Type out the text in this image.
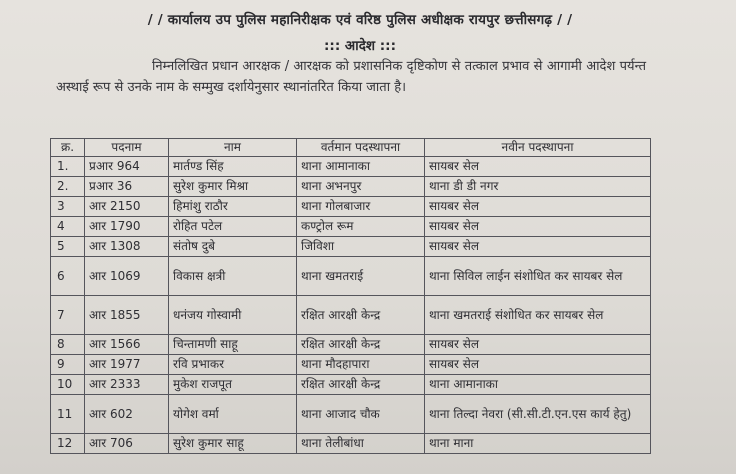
/ / कार्यालय उप पुलिस महानिरीक्षक एवं वरिष्ठ पुलिस अधीक्षक रायपुर छत्तीसगढ़ / /
::: आदेश :::
निम्नलिखित प्रधान आरक्षक / आरक्षक को प्रशासनिक दृष्टिकोण से तत्काल प्रभाव से आगामी आदेश पर्यन्त अस्थाई रूप से उनके नाम के सम्मुख दर्शायेनुसार स्थानांतरित किया जाता है।
क्र.	पदनाम	नाम	वर्तमान पदस्थापना	नवीन पदस्थापना
1.	प्रआर 964	मार्तण्ड सिंह	थाना आमानाका	सायबर सेल
2.	प्रआर 36	सुरेश कुमार मिश्रा	थाना अभनपुर	थाना डी डी नगर
3	आर 2150	हिमांशु राठौर	थाना गोलबाजार	सायबर सेल
4	आर 1790	रोहित पटेल	कण्ट्रोल रूम	सायबर सेल
5	आर 1308	संतोष दुबे	जिविशा	सायबर सेल
6	आर 1069	विकास क्षत्री	थाना खमतराई	थाना सिविल लाईन संशोधित कर सायबर सेल
7	आर 1855	धनंजय गोस्वामी	रक्षित आरक्षी केन्द्र	थाना खमतराई संशोधित कर सायबर सेल
8	आर 1566	चिन्तामणी साहू	रक्षित आरक्षी केन्द्र	सायबर सेल
9	आर 1977	रवि प्रभाकर	थाना मौदहापारा	सायबर सेल
10	आर 2333	मुकेश राजपूत	रक्षित आरक्षी केन्द्र	थाना आमानाका
11	आर 602	योगेश वर्मा	थाना आजाद चौक	थाना तिल्दा नेवरा (सी.सी.टी.एन.एस कार्य हेतु)
12	आर 706	सुरेश कुमार साहू	थाना तेलीबांधा	थाना माना
